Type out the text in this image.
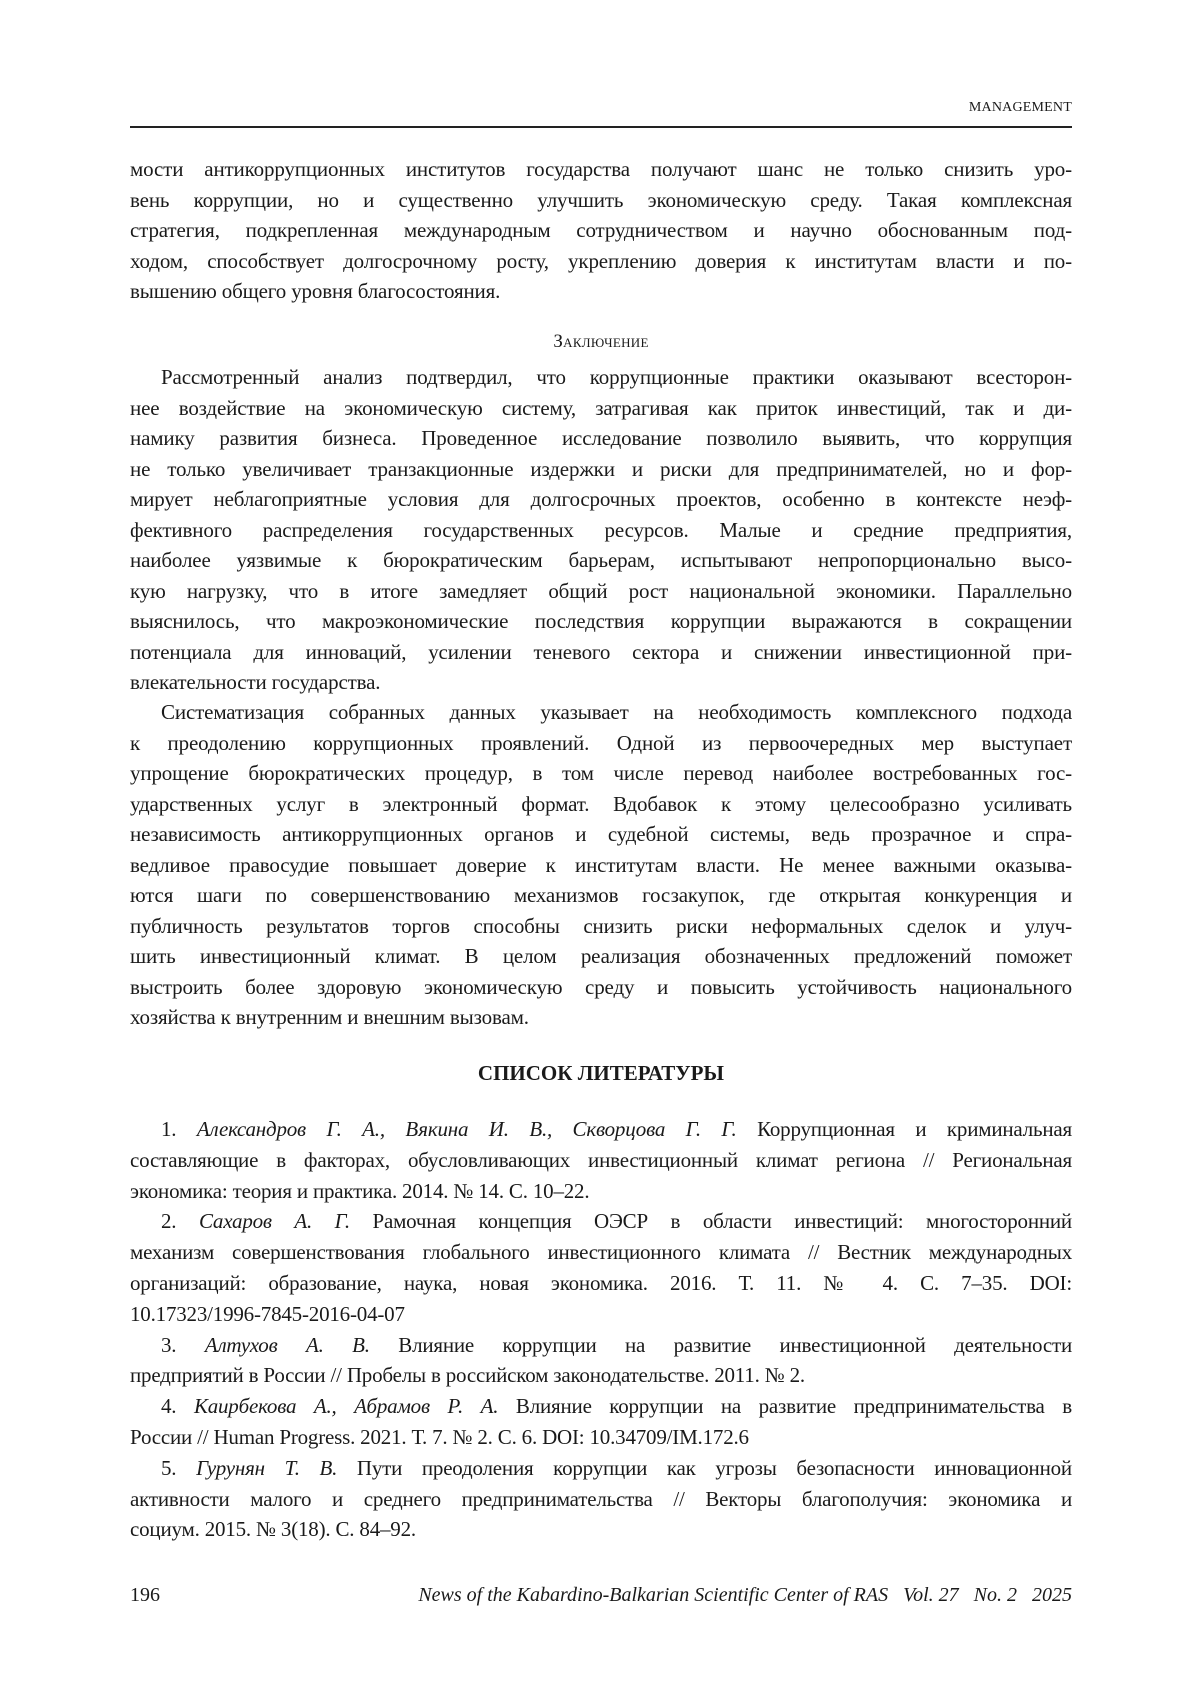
MANAGEMENT
мости антикоррупционных институтов государства получают шанс не только снизить уро-
вень коррупции, но и существенно улучшить экономическую среду. Такая комплексная
стратегия, подкрепленная международным сотрудничеством и научно обоснованным под-
ходом, способствует долгосрочному росту, укреплению доверия к институтам власти и по-
вышению общего уровня благосостояния.
Заключение
Рассмотренный анализ подтвердил, что коррупционные практики оказывают всесторон-
нее воздействие на экономическую систему, затрагивая как приток инвестиций, так и ди-
намику развития бизнеса. Проведенное исследование позволило выявить, что коррупция
не только увеличивает транзакционные издержки и риски для предпринимателей, но и фор-
мирует неблагоприятные условия для долгосрочных проектов, особенно в контексте неэф-
фективного распределения государственных ресурсов. Малые и средние предприятия,
наиболее уязвимые к бюрократическим барьерам, испытывают непропорционально высо-
кую нагрузку, что в итоге замедляет общий рост национальной экономики. Параллельно
выяснилось, что макроэкономические последствия коррупции выражаются в сокращении
потенциала для инноваций, усилении теневого сектора и снижении инвестиционной при-
влекательности государства.
Систематизация собранных данных указывает на необходимость комплексного подхода
к преодолению коррупционных проявлений. Одной из первоочередных мер выступает
упрощение бюрократических процедур, в том числе перевод наиболее востребованных гос-
ударственных услуг в электронный формат. Вдобавок к этому целесообразно усиливать
независимость антикоррупционных органов и судебной системы, ведь прозрачное и спра-
ведливое правосудие повышает доверие к институтам власти. Не менее важными оказыва-
ются шаги по совершенствованию механизмов госзакупок, где открытая конкуренция и
публичность результатов торгов способны снизить риски неформальных сделок и улуч-
шить инвестиционный климат. В целом реализация обозначенных предложений поможет
выстроить более здоровую экономическую среду и повысить устойчивость национального
хозяйства к внутренним и внешним вызовам.
СПИСОК ЛИТЕРАТУРЫ
1. Александров Г. А., Вякина И. В., Скворцова Г. Г. Коррупционная и криминальная
составляющие в факторах, обусловливающих инвестиционный климат региона // Региональная
экономика: теория и практика. 2014. № 14. С. 10–22.
2. Сахаров А. Г. Рамочная концепция ОЭСР в области инвестиций: многосторонний
механизм совершенствования глобального инвестиционного климата // Вестник международных
организаций: образование, наука, новая экономика. 2016. Т. 11. № 4. С. 7–35. DOI:
10.17323/1996-7845-2016-04-07
3. Алтухов А. В. Влияние коррупции на развитие инвестиционной деятельности
предприятий в России // Пробелы в российском законодательстве. 2011. № 2.
4. Каирбекова А., Абрамов Р. А. Влияние коррупции на развитие предпринимательства в
России // Human Progress. 2021. Т. 7. № 2. С. 6. DOI: 10.34709/IM.172.6
5. Гурунян Т. В. Пути преодоления коррупции как угрозы безопасности инновационной
активности малого и среднего предпринимательства // Векторы благополучия: экономика и
социум. 2015. № 3(18). С. 84–92.
196	News of the Kabardino-Balkarian Scientific Center of RAS   Vol. 27   No. 2   2025
